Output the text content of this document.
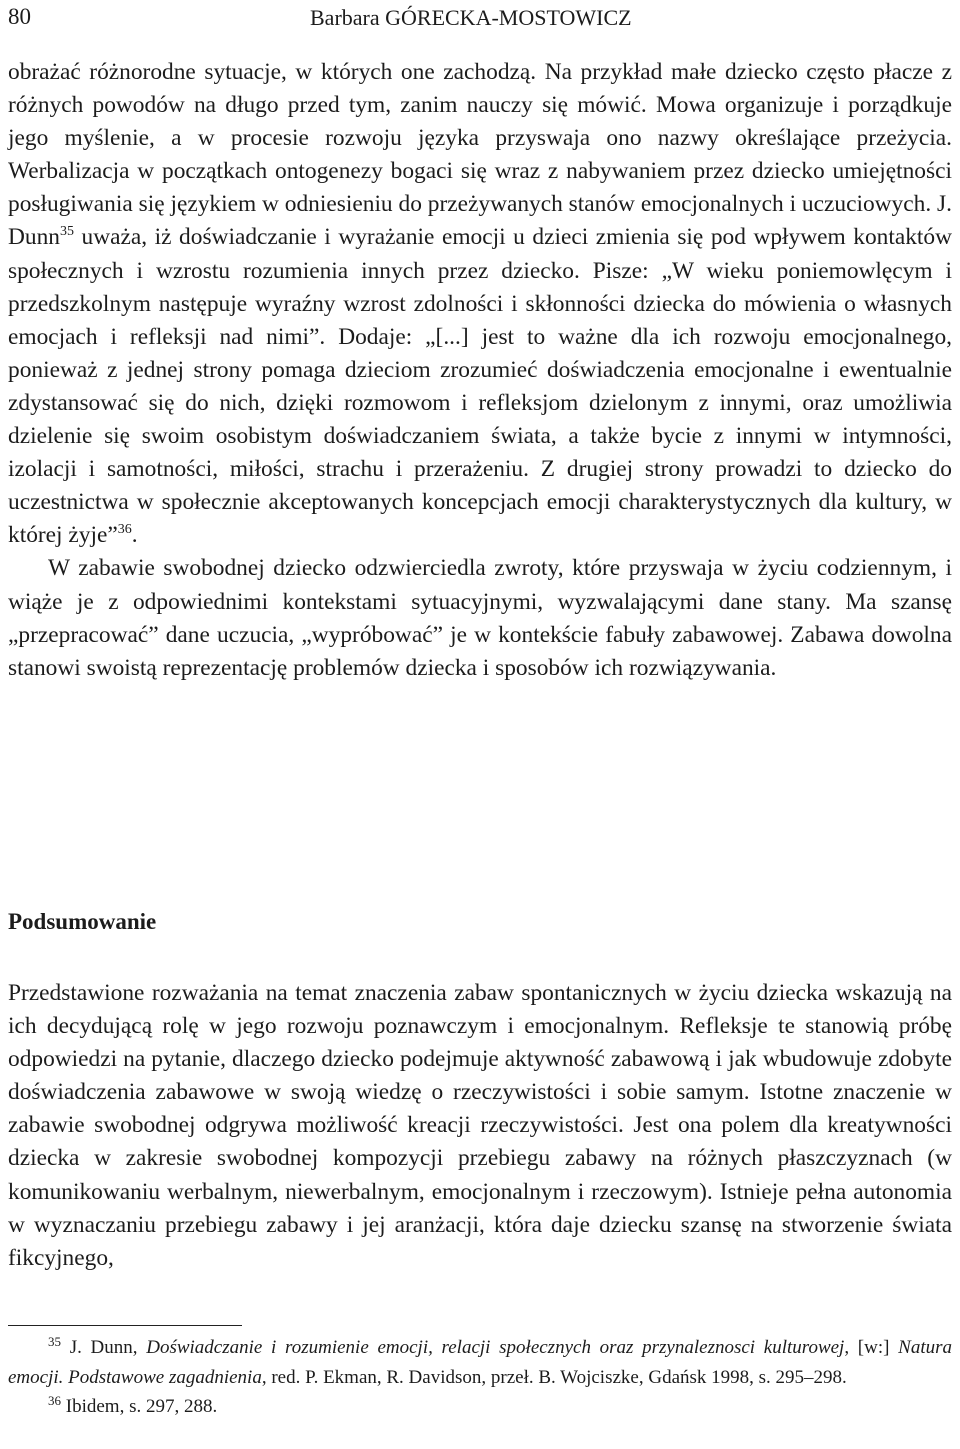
80	Barbara GÓRECKA-MOSTOWICZ

obrażać różnorodne sytuacje, w których one zachodzą. Na przykład małe dziecko często płacze z różnych powodów na długo przed tym, zanim nauczy się mówić. Mowa organizuje i porządkuje jego myślenie, a w procesie rozwoju języka przyswaja ono nazwy określające przeżycia. Werbalizacja w początkach ontogenezy bogaci się wraz z nabywaniem przez dziecko umiejętności posługiwania się językiem w odniesieniu do przeżywanych stanów emocjonalnych i uczuciowych. J. Dunn$^{35}$ uważa, iż doświadczanie i wyrażanie emocji u dzieci zmienia się pod wpływem kontaktów społecznych i wzrostu rozumienia innych przez dziecko. Pisze: „W wieku poniemowlęcym i przedszkolnym następuje wyraźny wzrost zdolności i skłonności dziecka do mówienia o własnych emocjach i refleksji nad nimi”. Dodaje: „[...] jest to ważne dla ich rozwoju emocjonalnego, ponieważ z jednej strony pomaga dzieciom zrozumieć doświadczenia emocjonalne i ewentualnie zdystansować się do nich, dzięki rozmowom i refleksjom dzielonym z innymi, oraz umożliwia dzielenie się swoim osobistym doświadczaniem świata, a także bycie z innymi w intymności, izolacji i samotności, miłości, strachu i przerażeniu. Z drugiej strony prowadzi to dziecko do uczestnictwa w społecznie akceptowanych koncepcjach emocji charakterystycznych dla kultury, w której żyje”$^{36}$.

W zabawie swobodnej dziecko odzwierciedla zwroty, które przyswaja w życiu codziennym, i wiąże je z odpowiednimi kontekstami sytuacyjnymi, wyzwalającymi dane stany. Ma szansę „przepracować” dane uczucia, „wypróbować” je w kontekście fabuły zabawowej. Zabawa dowolna stanowi swoistą reprezentację problemów dziecka i sposobów ich rozwiązywania.

Podsumowanie

Przedstawione rozważania na temat znaczenia zabaw spontanicznych w życiu dziecka wskazują na ich decydującą rolę w jego rozwoju poznawczym i emocjonalnym. Refleksje te stanowią próbę odpowiedzi na pytanie, dlaczego dziecko podejmuje aktywność zabawową i jak wbudowuje zdobyte doświadczenia zabawowe w swoją wiedzę o rzeczywistości i sobie samym. Istotne znaczenie w zabawie swobodnej odgrywa możliwość kreacji rzeczywistości. Jest ona polem dla kreatywności dziecka w zakresie swobodnej kompozycji przebiegu zabawy na różnych płaszczyznach (w komunikowaniu werbalnym, niewerbalnym, emocjonalnym i rzeczowym). Istnieje pełna autonomia w wyznaczaniu przebiegu zabawy i jej aranżacji, która daje dziecku szansę na stworzenie świata fikcyjnego,

$^{35}$ J. Dunn, Doświadczanie i rozumienie emocji, relacji społecznych oraz przynaleznosci kulturowej, [w:] Natura emocji. Podstawowe zagadnienia, red. P. Ekman, R. Davidson, przeł. B. Wojciszke, Gdańsk 1998, s. 295–298.

$^{36}$ Ibidem, s. 297, 288.
